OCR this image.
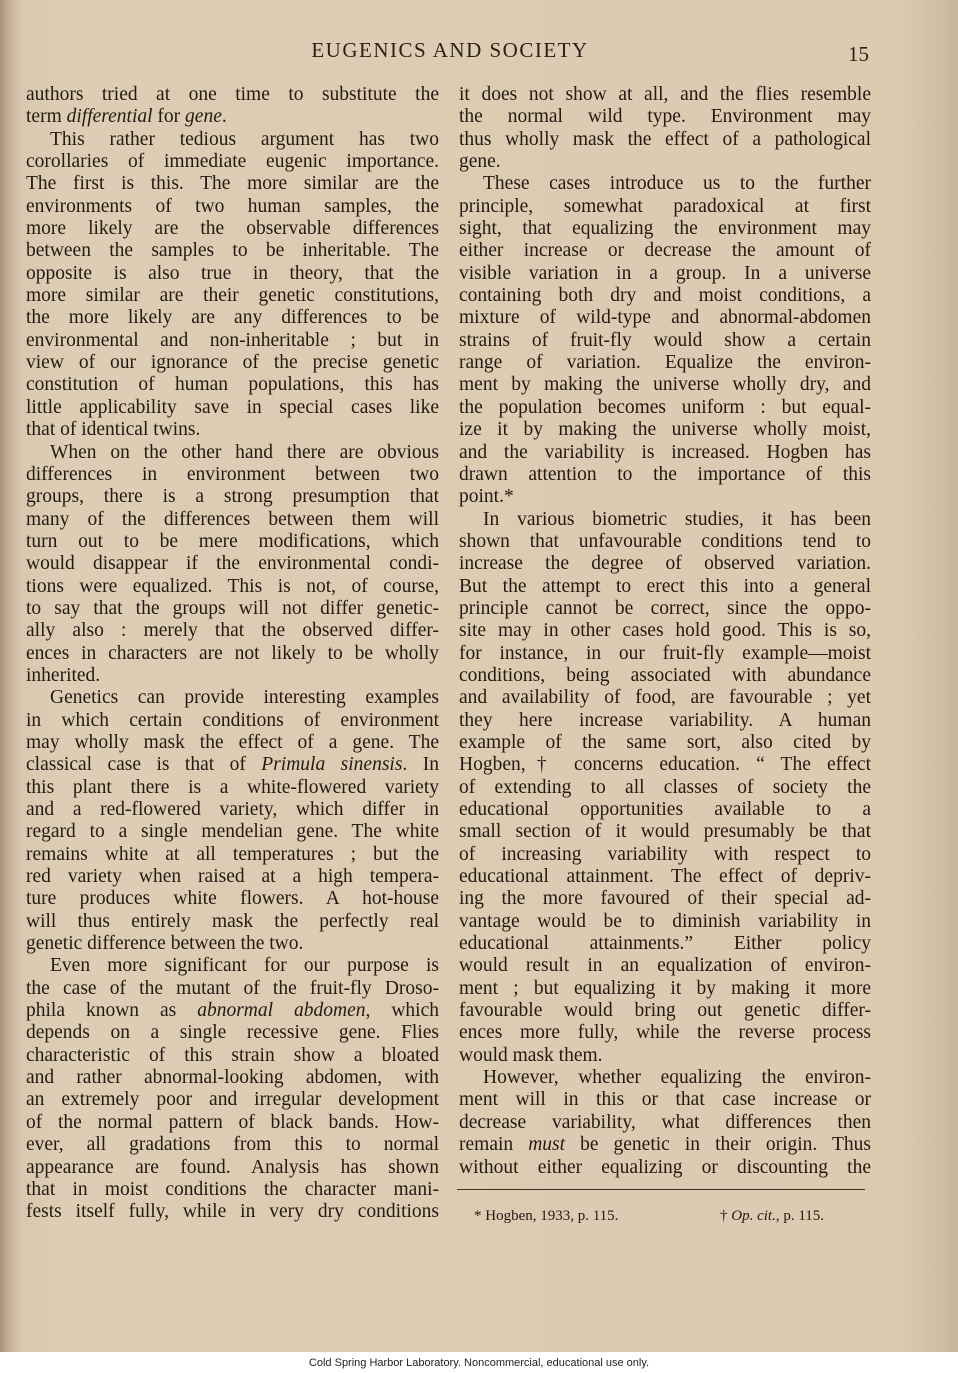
EUGENICS AND SOCIETY	15
authors tried at one time to substitute the
term differential for gene.
This rather tedious argument has two
corollaries of immediate eugenic importance.
The first is this. The more similar are the
environments of two human samples, the
more likely are the observable differences
between the samples to be inheritable. The
opposite is also true in theory, that the
more similar are their genetic constitutions,
the more likely are any differences to be
environmental and non-inheritable ; but in
view of our ignorance of the precise genetic
constitution of human populations, this has
little applicability save in special cases like
that of identical twins.
When on the other hand there are obvious
differences in environment between two
groups, there is a strong presumption that
many of the differences between them will
turn out to be mere modifications, which
would disappear if the environmental condi-
tions were equalized. This is not, of course,
to say that the groups will not differ genetic-
ally also : merely that the observed differ-
ences in characters are not likely to be wholly
inherited.
Genetics can provide interesting examples
in which certain conditions of environment
may wholly mask the effect of a gene. The
classical case is that of Primula sinensis. In
this plant there is a white-flowered variety
and a red-flowered variety, which differ in
regard to a single mendelian gene. The white
remains white at all temperatures ; but the
red variety when raised at a high tempera-
ture produces white flowers. A hot-house
will thus entirely mask the perfectly real
genetic difference between the two.
Even more significant for our purpose is
the case of the mutant of the fruit-fly Droso-
phila known as abnormal abdomen, which
depends on a single recessive gene. Flies
characteristic of this strain show a bloated
and rather abnormal-looking abdomen, with
an extremely poor and irregular development
of the normal pattern of black bands. How-
ever, all gradations from this to normal
appearance are found. Analysis has shown
that in moist conditions the character mani-
fests itself fully, while in very dry conditions
it does not show at all, and the flies resemble
the normal wild type. Environment may
thus wholly mask the effect of a pathological
gene.
These cases introduce us to the further
principle, somewhat paradoxical at first
sight, that equalizing the environment may
either increase or decrease the amount of
visible variation in a group. In a universe
containing both dry and moist conditions, a
mixture of wild-type and abnormal-abdomen
strains of fruit-fly would show a certain
range of variation. Equalize the environ-
ment by making the universe wholly dry, and
the population becomes uniform : but equal-
ize it by making the universe wholly moist,
and the variability is increased. Hogben has
drawn attention to the importance of this
point.*
In various biometric studies, it has been
shown that unfavourable conditions tend to
increase the degree of observed variation.
But the attempt to erect this into a general
principle cannot be correct, since the oppo-
site may in other cases hold good. This is so,
for instance, in our fruit-fly example—moist
conditions, being associated with abundance
and availability of food, are favourable ; yet
they here increase variability. A human
example of the same sort, also cited by
Hogben,† concerns education. “ The effect
of extending to all classes of society the
educational opportunities available to a
small section of it would presumably be that
of increasing variability with respect to
educational attainment. The effect of depriv-
ing the more favoured of their special ad-
vantage would be to diminish variability in
educational attainments.” Either policy
would result in an equalization of environ-
ment ; but equalizing it by making it more
favourable would bring out genetic differ-
ences more fully, while the reverse process
would mask them.
However, whether equalizing the environ-
ment will in this or that case increase or
decrease variability, what differences then
remain must be genetic in their origin. Thus
without either equalizing or discounting the
* Hogben, 1933, p. 115.	† Op. cit., p. 115.
Cold Spring Harbor Laboratory. Noncommercial, educational use only.
